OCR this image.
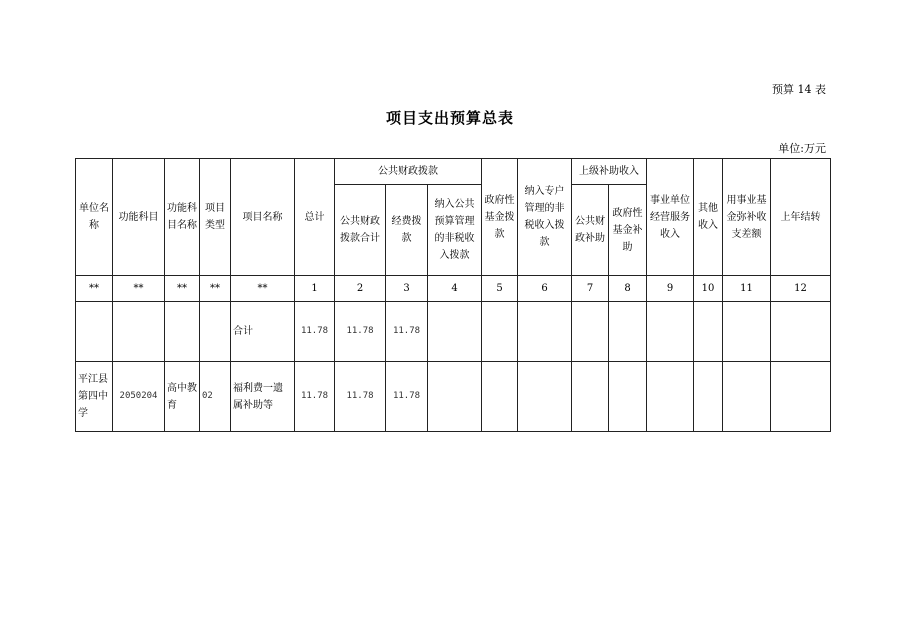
预算 14 表
项目支出预算总表
单位:万元
单位名称	功能科目	功能科目名称	项目类型	项目名称	总计	公共财政拨款			政府性基金拨款	纳入专户管理的非税收入拨款	上级补助收入		事业单位经营服务收入	其他收入	用事业基金弥补收支差额	上年结转
						公共财政拨款合计	经费拨款	纳入公共预算管理的非税收入拨款			公共财政补助	政府性基金补助				
**	**	**	**	**	1	2	3	4	5	6	7	8	9	10	11	12
				合计	11.78	11.78	11.78									
平江县第四中学	2050204	高中教育	02	福利费一遗属补助等	11.78	11.78	11.78									
